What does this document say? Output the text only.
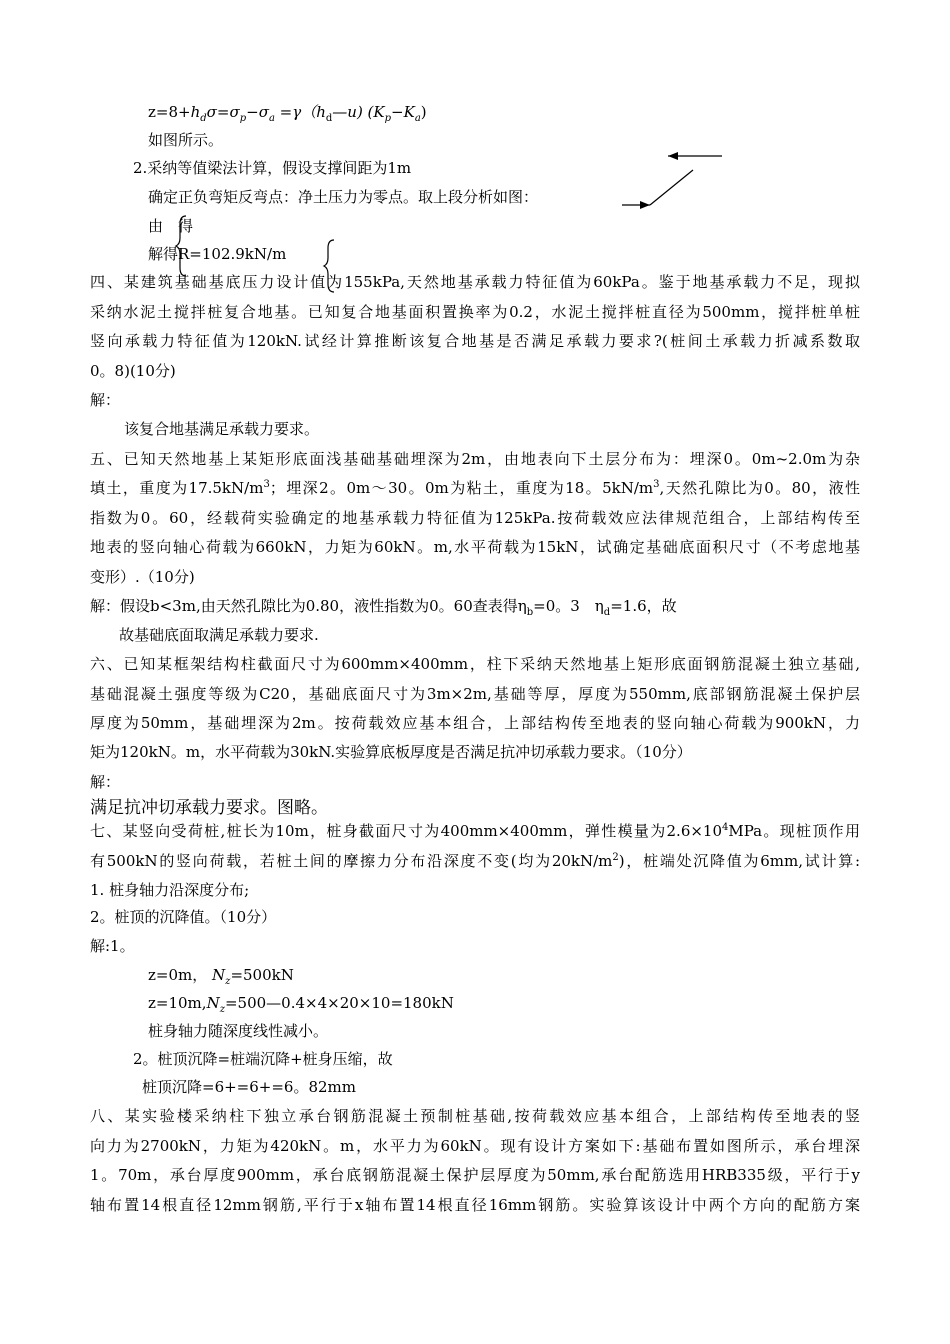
$z=8+h_d\sigma=\sigma_p-\sigma_a$ $=\gamma(h_d—u)$ $(K_p-K_a)$
如图所示。
2.采纳等值梁法计算，假设支撑间距为1m
确定正负弯矩反弯点：净土压力为零点。取上段分析如图：
由　得
解得R=102.9kN/m
四、某建筑基础基底压力设计值为155kPa,天然地基承载力特征值为60kPa。鉴于地基承载力不足，现拟
采纳水泥土搅拌桩复合地基。已知复合地基面积置换率为0.2，水泥土搅拌桩直径为500mm，搅拌桩单桩
竖向承载力特征值为120kN.试经计算推断该复合地基是否满足承载力要求?(桩间土承载力折减系数取
0。8)(10分)
解：
该复合地基满足承载力要求。
五、已知天然地基上某矩形底面浅基础基础埋深为2m，由地表向下土层分布为：埋深0。0m~2.0m为杂
填土，重度为$17.5kN/m^3$；埋深2。0m～30。0m为粘土，重度为18。$5kN/m^3$,天然孔隙比为0。80，液性
指数为0。60，经载荷实验确定的地基承载力特征值为125kPa.按荷载效应法律规范组合，上部结构传至
地表的竖向轴心荷载为660kN，力矩为60kN。m,水平荷载为15kN，试确定基础底面积尺寸（不考虑地基
变形）.（10分)
解：假设b<3m,由天然孔隙比为0.80，液性指数为0。60查表得$\eta_b=0$。3　$\eta_d=1.6$，故
故基础底面取满足承载力要求.
六、已知某框架结构柱截面尺寸为600mm×400mm，柱下采纳天然地基上矩形底面钢筋混凝土独立基础,
基础混凝土强度等级为C20，基础底面尺寸为3m×2m,基础等厚，厚度为550mm,底部钢筋混凝土保护层
厚度为50mm，基础埋深为2m。按荷载效应基本组合，上部结构传至地表的竖向轴心荷载为900kN，力
矩为120kN。m，水平荷载为30kN.实验算底板厚度是否满足抗冲切承载力要求。（10分）
解：
满足抗冲切承载力要求。图略。
七、某竖向受荷桩,桩长为10m，桩身截面尺寸为400mm×400mm，弹性模量为$2.6\times 10^4MPa$。现桩顶作用
有500kN的竖向荷载，若桩土间的摩擦力分布沿深度不变(均为$20kN/m^2$)，桩端处沉降值为6mm,试计算:
1. 桩身轴力沿深度分布;
2。桩顶的沉降值。（10分）
解:1。
z=0m， $N_z=500kN$
$z=10m,N_z=500—0.4\times 4\times 20\times 10=180kN$
桩身轴力随深度线性减小。
2。桩顶沉降=桩端沉降+桩身压缩，故
桩顶沉降=6+=6+=6。82mm
八、某实验楼采纳柱下独立承台钢筋混凝土预制桩基础,按荷载效应基本组合，上部结构传至地表的竖
向力为2700kN，力矩为420kN。m，水平力为60kN。现有设计方案如下:基础布置如图所示，承台埋深
1。70m，承台厚度900mm，承台底钢筋混凝土保护层厚度为50mm,承台配筋选用HRB335级，平行于y
轴布置14根直径12mm钢筋,平行于x轴布置14根直径16mm钢筋。实验算该设计中两个方向的配筋方案
